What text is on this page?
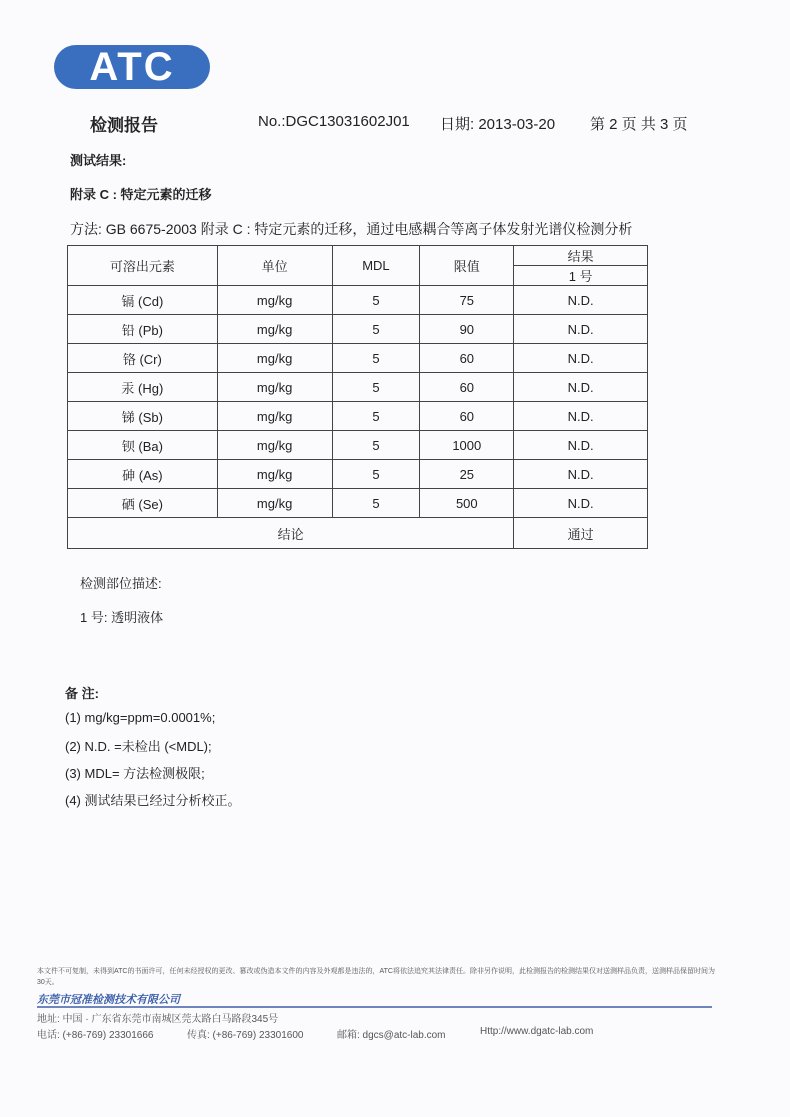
ATC
检测报告	No.:DGC13031602J01 日期: 2013-03-20 第 2 页 共 3 页
测试结果:
附录 C : 特定元素的迁移
方法: GB 6675-2003 附录 C : 特定元素的迁移，通过电感耦合等离子体发射光谱仪检测分析
可溶出元素	单位	MDL	限值	结果
				1 号
镉 (Cd)	mg/kg	5	75	N.D.
铅 (Pb)	mg/kg	5	90	N.D.
铬 (Cr)	mg/kg	5	60	N.D.
汞 (Hg)	mg/kg	5	60	N.D.
锑 (Sb)	mg/kg	5	60	N.D.
钡 (Ba)	mg/kg	5	1000	N.D.
砷 (As)	mg/kg	5	25	N.D.
硒 (Se)	mg/kg	5	500	N.D.
结论				通过
检测部位描述:
1 号: 透明液体
备 注:
(1) mg/kg=ppm=0.0001%;
(2) N.D. =未检出 (<MDL);
(3) MDL= 方法检测极限;
(4) 测试结果已经过分析校正。
本文件不可复制，未得到ATC的书面许可，任何未经授权的更改、篡改或伪造本文件的内容及外观都是违法的，ATC将依法追究其法律责任。除非另作说明，此检测报告的检测结果仅对送测样品负责，送测样品保留时间为30天。
东莞市冠准检测技术有限公司
地址: 中国 · 广东省东莞市南城区莞太路白马路段345号
电话: (+86-769) 23301666	传真: (+86-769) 23301600	邮箱: dgcs@atc-lab.com	Http://www.dgatc-lab.com
